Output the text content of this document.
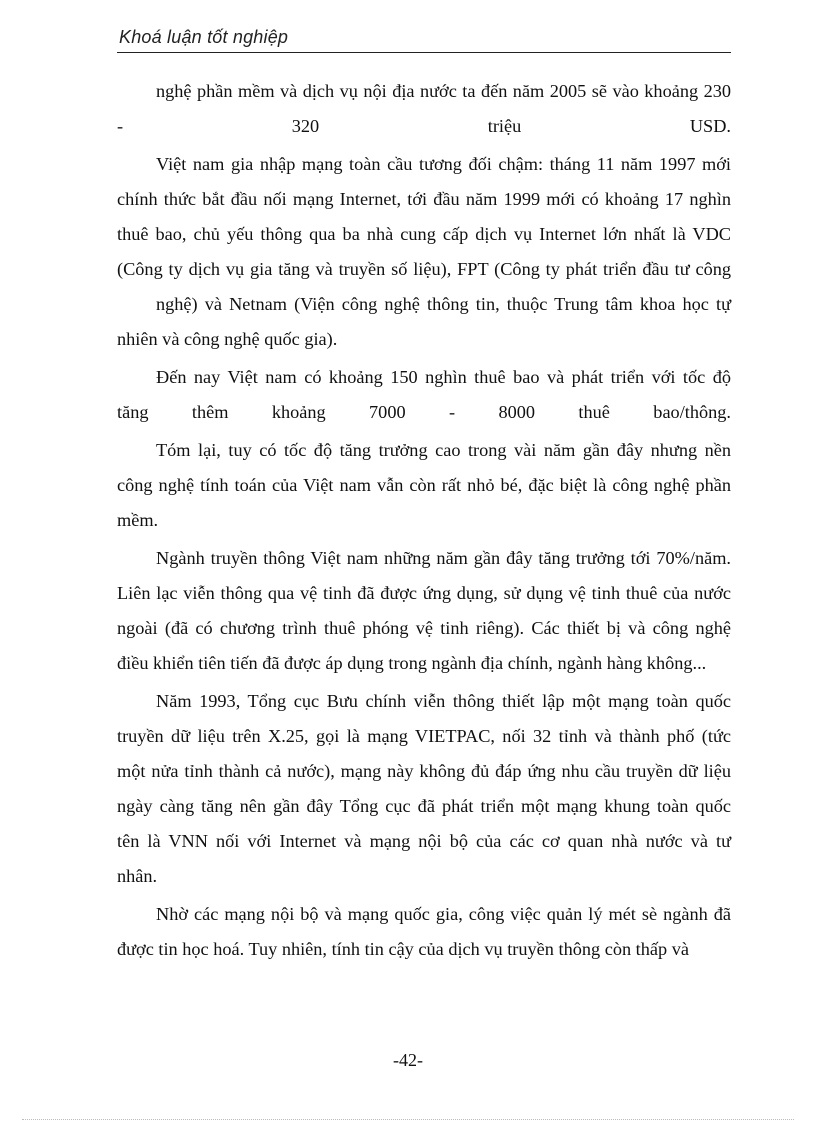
Khoá luận tốt nghiệp
nghệ phần mềm và dịch vụ nội địa nước ta đến năm 2005 sẽ vào khoảng 230
- 320 triệu USD.
Việt nam gia nhập mạng toàn cầu tương đối chậm: tháng 11 năm 1997 mới
chính thức bắt đầu nối mạng Internet, tới đầu năm 1999 mới có khoảng 17 nghìn
thuê bao, chủ yếu thông qua ba nhà cung cấp dịch vụ Internet lớn nhất là VDC
(Công ty dịch vụ gia tăng và truyền số liệu), FPT (Công ty phát triển đầu tư công
nghệ) và Netnam (Viện công nghệ thông tin, thuộc Trung tâm khoa học tự
nhiên và công nghệ quốc gia).
Đến nay Việt nam có khoảng 150 nghìn thuê bao và phát triển với tốc độ
tăng thêm khoảng 7000 - 8000 thuê bao/thông.
Tóm lại, tuy có tốc độ tăng trưởng cao trong vài năm gần đây nhưng nền
công nghệ tính toán của Việt nam vẫn còn rất nhỏ bé, đặc biệt là công nghệ phần
mềm.
Ngành truyền thông Việt nam những năm gần đây tăng trưởng tới 70%/năm.
Liên lạc viễn thông qua vệ tinh đã được ứng dụng, sử dụng vệ tinh thuê của nước
ngoài (đã có chương trình thuê phóng vệ tinh riêng). Các thiết bị và công nghệ
điều khiển tiên tiến đã được áp dụng trong ngành địa chính, ngành hàng không...
Năm 1993, Tổng cục Bưu chính viễn thông thiết lập một mạng toàn quốc
truyền dữ liệu trên X.25, gọi là mạng VIETPAC, nối 32 tỉnh và thành phố (tức
một nửa tỉnh thành cả nước), mạng này không đủ đáp ứng nhu cầu truyền dữ liệu
ngày càng tăng nên gần đây Tổng cục đã phát triển một mạng khung toàn quốc
tên là VNN nối với Internet và mạng nội bộ của các cơ quan nhà nước và tư
nhân.
Nhờ các mạng nội bộ và mạng quốc gia, công việc quản lý mét sè ngành đã
được tin học hoá. Tuy nhiên, tính tin cậy của dịch vụ truyền thông còn thấp và
-42-
